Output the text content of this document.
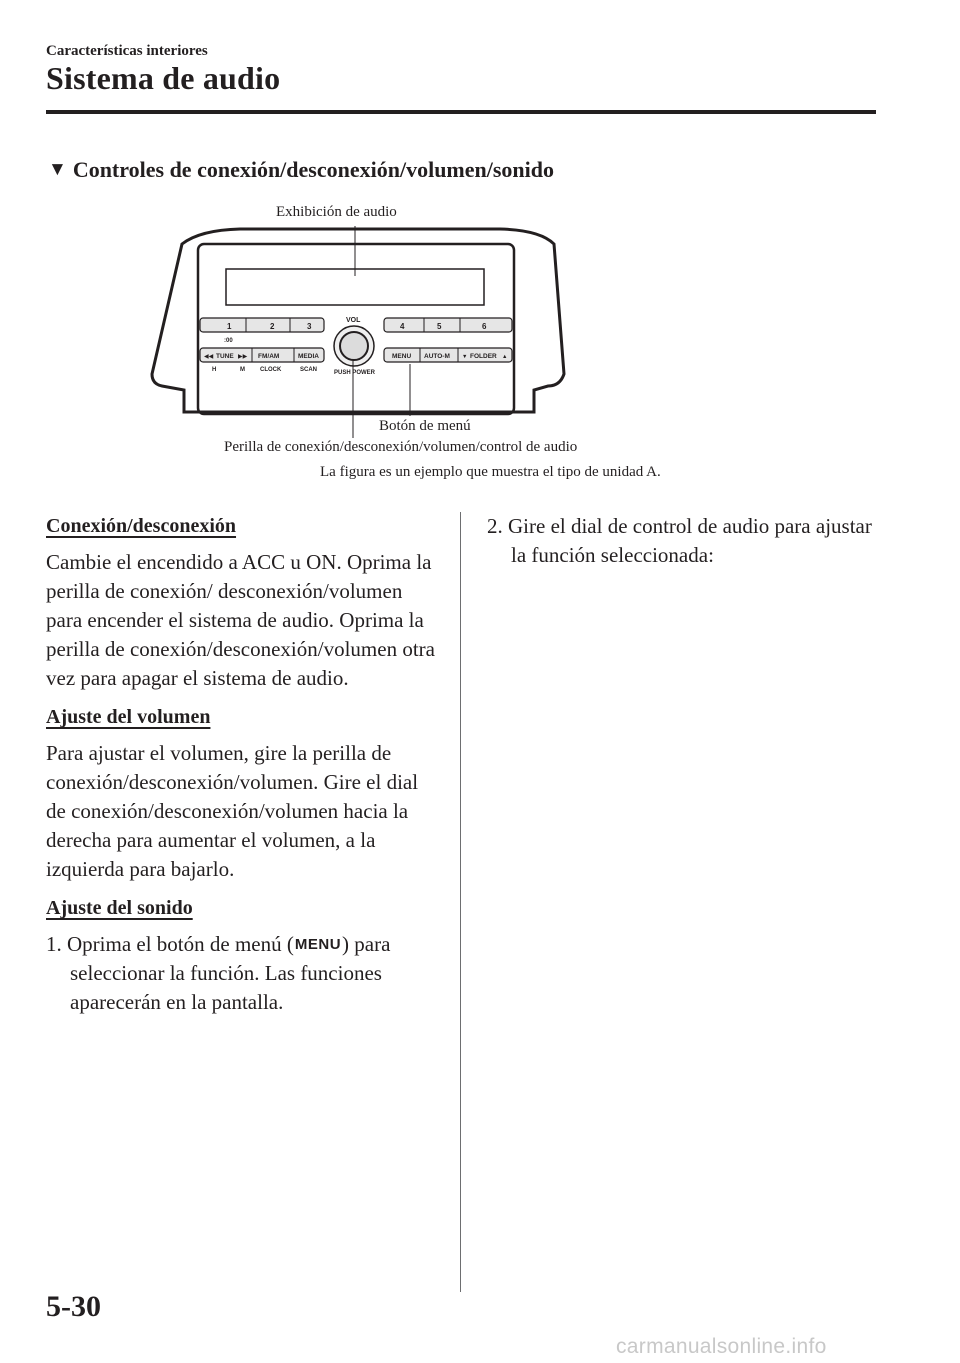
Características interiores
Sistema de audio
▼ Controles de conexión/desconexión/volumen/sonido
Exhibición de audio
1	2	3
:00
4	5	6
◀◀ TUNE ▶▶ FM/AM	MEDIA
H	M	CLOCK	SCAN
MENU AUTO-M ▼ FOLDER ▲
VOL
PUSH POWER
Botón de menú
Perilla de conexión/desconexión/volumen/control de audio
La figura es un ejemplo que muestra el tipo de unidad A.

Conexión/desconexión

Cambie el encendido a ACC u ON. Oprima la perilla de conexión/ desconexión/volumen para encender el sistema de audio. Oprima la perilla de conexión/desconexión/volumen otra vez para apagar el sistema de audio.

Ajuste del volumen

Para ajustar el volumen, gire la perilla de conexión/desconexión/volumen. Gire el dial de conexión/desconexión/volumen hacia la derecha para aumentar el volumen, a la izquierda para bajarlo.

Ajuste del sonido

1. Oprima el botón de menú (MENU) para seleccionar la función. Las funciones aparecerán en la pantalla.

2. Gire el dial de control de audio para ajustar la función seleccionada:

5-30
carmanualsonline.info
